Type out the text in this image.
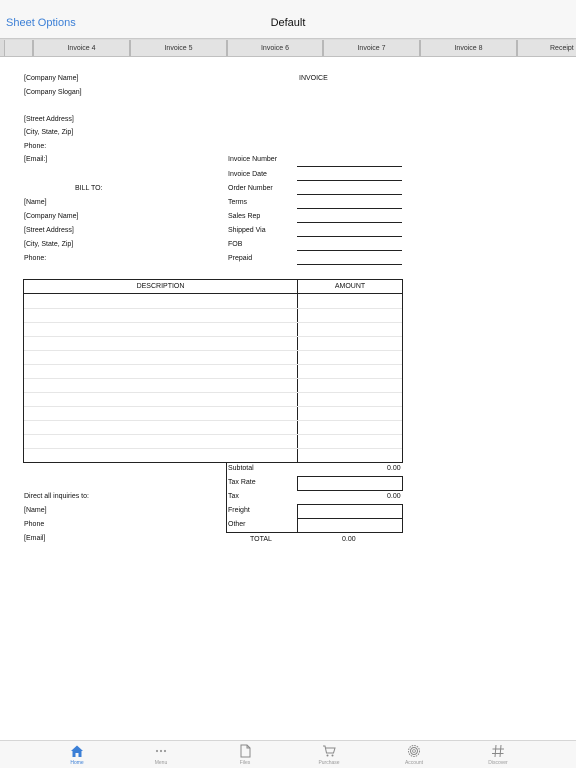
Sheet Options	Default
Invoice 4	Invoice 5	Invoice 6	Invoice 7	Invoice 8	Receipt
[Company Name]
[Company Slogan]
[Street Address]
[City, State, Zip]
Phone:
[Email:]
INVOICE
Invoice Number
Invoice Date
Order Number
Terms
Sales Rep
Shipped Via
FOB
Prepaid
BILL TO:
[Name]
[Company Name]
[Street Address]
[City, State, Zip]
Phone:
DESCRIPTION	AMOUNT
Subtotal	0.00
Tax Rate
Tax	0.00
Freight
Other
TOTAL	0.00
Direct all inquiries to:
[Name]
Phone
[Email]
Home	Menu	Files	Purchase	Account	Discover
